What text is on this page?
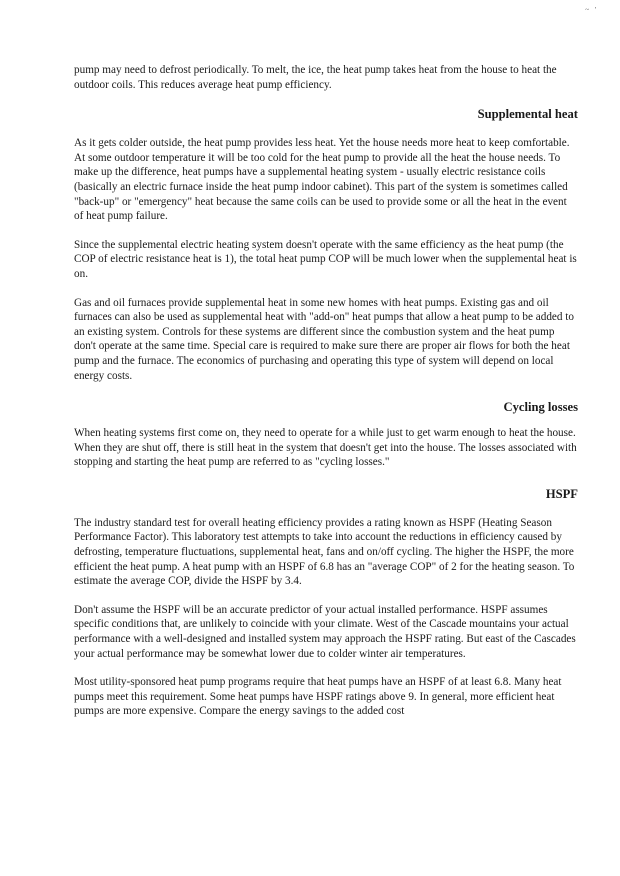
~ '

pump may need to defrost periodically. To melt, the ice, the heat pump takes heat from the house to heat the outdoor coils. This reduces average heat pump efficiency.

Supplemental heat

As it gets colder outside, the heat pump provides less heat. Yet the house needs more heat to keep comfortable. At some outdoor temperature it will be too cold for the heat pump to provide all the heat the house needs. To make up the difference, heat pumps have a supplemental heating system - usually electric resistance coils (basically an electric furnace inside the heat pump indoor cabinet). This part of the system is sometimes called "back-up" or "emergency" heat because the same coils can be used to provide some or all the heat in the event of heat pump failure.

Since the supplemental electric heating system doesn't operate with the same efficiency as the heat pump (the COP of electric resistance heat is 1), the total heat pump COP will be much lower when the supplemental heat is on.

Gas and oil furnaces provide supplemental heat in some new homes with heat pumps. Existing gas and oil furnaces can also be used as supplemental heat with "add-on" heat pumps that allow a heat pump to be added to an existing system. Controls for these systems are different since the combustion system and the heat pump don't operate at the same time. Special care is required to make sure there are proper air flows for both the heat pump and the furnace. The economics of purchasing and operating this type of system will depend on local energy costs.

Cycling losses

When heating systems first come on, they need to operate for a while just to get warm enough to heat the house. When they are shut off, there is still heat in the system that doesn't get into the house. The losses associated with stopping and starting the heat pump are referred to as "cycling losses."

HSPF

The industry standard test for overall heating efficiency provides a rating known as HSPF (Heating Season Performance Factor). This laboratory test attempts to take into account the reductions in efficiency caused by defrosting, temperature fluctuations, supplemental heat, fans and on/off cycling. The higher the HSPF, the more efficient the heat pump. A heat pump with an HSPF of 6.8 has an "average COP" of 2 for the heating season. To estimate the average COP, divide the HSPF by 3.4.

Don't assume the HSPF will be an accurate predictor of your actual installed performance. HSPF assumes specific conditions that, are unlikely to coincide with your climate. West of the Cascade mountains your actual performance with a well-designed and installed system may approach the HSPF rating. But east of the Cascades your actual performance may be somewhat lower due to colder winter air temperatures.

Most utility-sponsored heat pump programs require that heat pumps have an HSPF of at least 6.8. Many heat pumps meet this requirement. Some heat pumps have HSPF ratings above 9. In general, more efficient heat pumps are more expensive. Compare the energy savings to the added cost
